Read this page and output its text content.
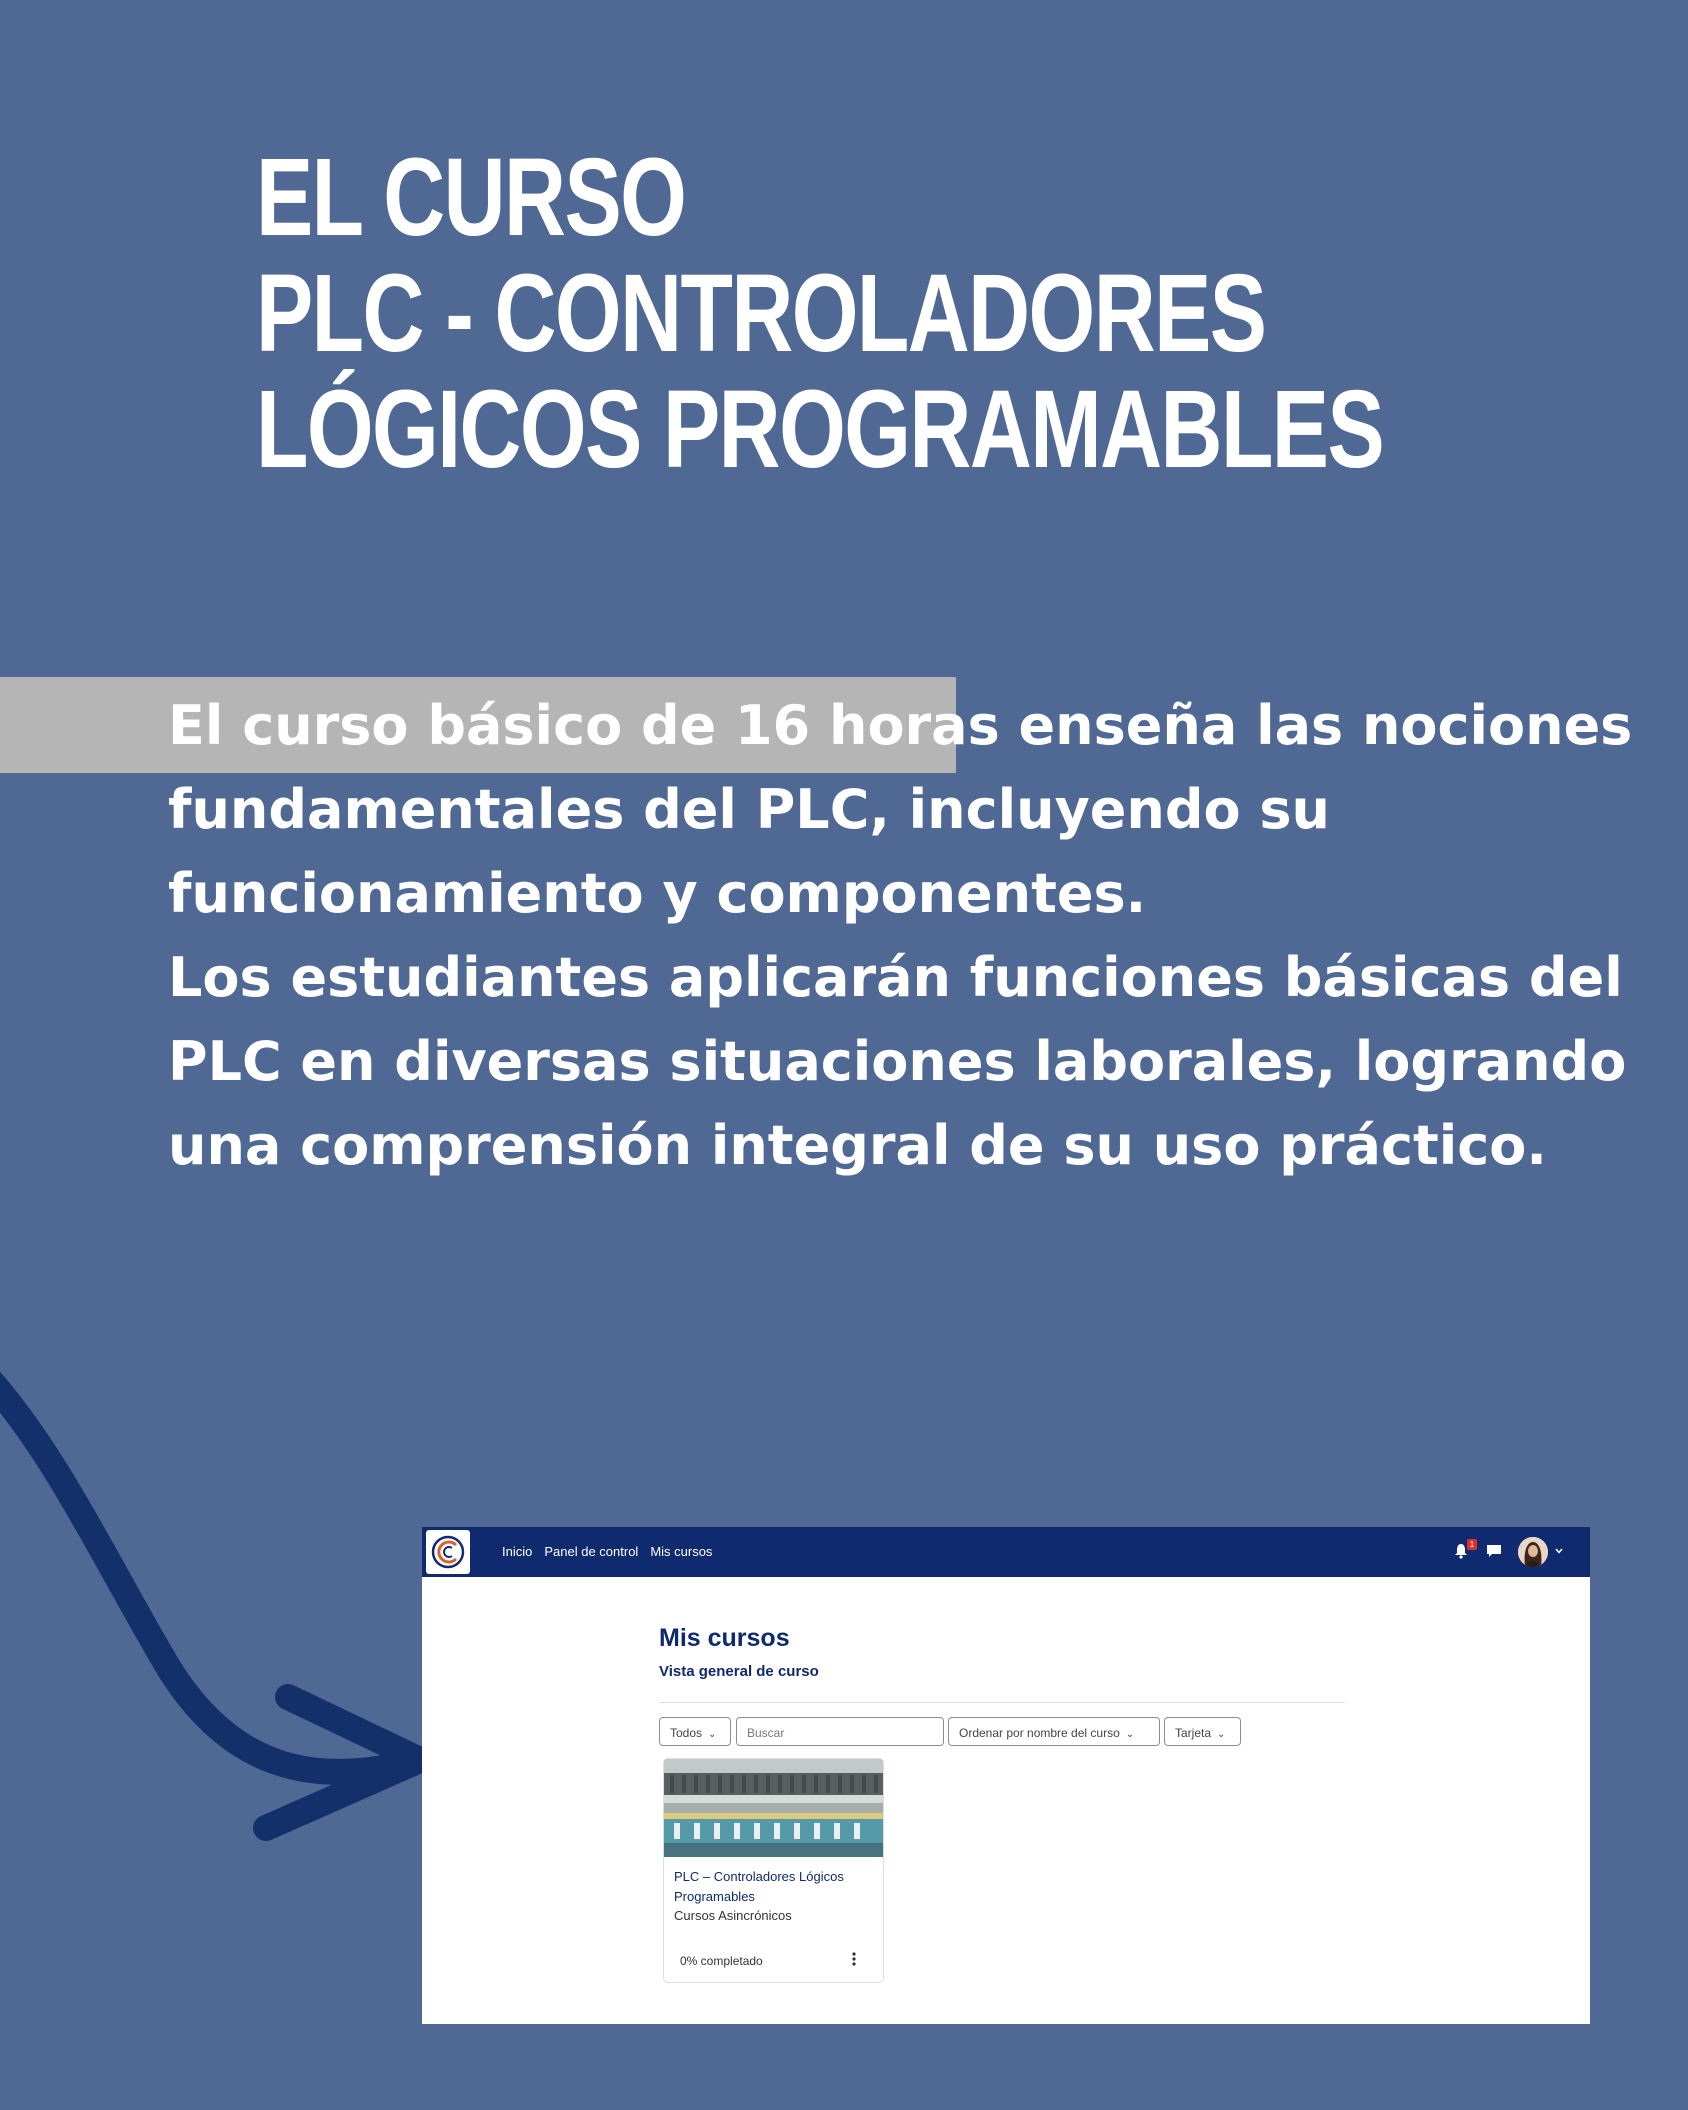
EL CURSO
PLC - CONTROLADORES
LÓGICOS PROGRAMABLES
El curso básico de 16 horas enseña las nociones
fundamentales del PLC, incluyendo su
funcionamiento y componentes.
Los estudiantes aplicarán funciones básicas del
PLC en diversas situaciones laborales, logrando
una comprensión integral de su uso práctico.
Inicio Panel de control Mis cursos	1
Mis cursos
Vista general de curso
Todos ⌄	Buscar	Ordenar por nombre del curso ⌄	Tarjeta ⌄
PLC – Controladores Lógicos
Programables
Cursos Asincrónicos
0% completado
